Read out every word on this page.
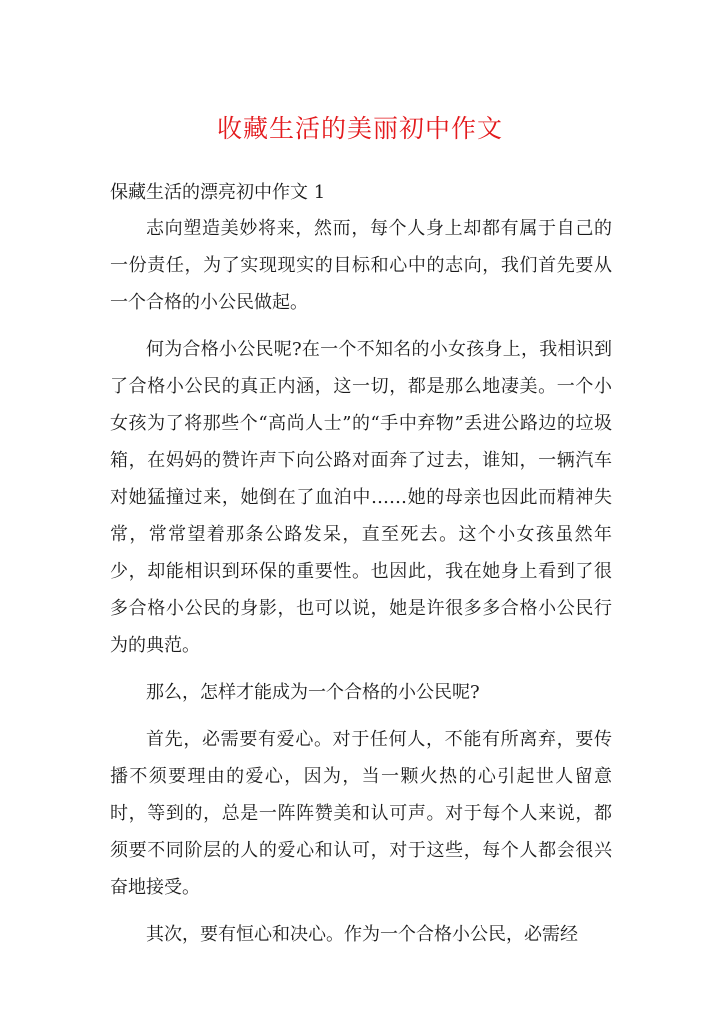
收藏生活的美丽初中作文
保藏生活的漂亮初中作文 1

志向塑造美妙将来，然而，每个人身上却都有属于自己的一份责任，为了实现现实的目标和心中的志向，我们首先要从一个合格的小公民做起。

何为合格小公民呢?在一个不知名的小女孩身上，我相识到了合格小公民的真正内涵，这一切，都是那么地凄美。一个小女孩为了将那些个“高尚人士”的“手中弃物”丢进公路边的垃圾箱，在妈妈的赞许声下向公路对面奔了过去，谁知，一辆汽车对她猛撞过来，她倒在了血泊中……她的母亲也因此而精神失常，常常望着那条公路发呆，直至死去。这个小女孩虽然年少，却能相识到环保的重要性。也因此，我在她身上看到了很多合格小公民的身影，也可以说，她是许很多多合格小公民行为的典范。

那么，怎样才能成为一个合格的小公民呢?

首先，必需要有爱心。对于任何人，不能有所离弃，要传播不须要理由的爱心，因为，当一颗火热的心引起世人留意时，等到的，总是一阵阵赞美和认可声。对于每个人来说，都须要不同阶层的人的爱心和认可，对于这些，每个人都会很兴奋地接受。

其次，要有恒心和决心。作为一个合格小公民，必需经
